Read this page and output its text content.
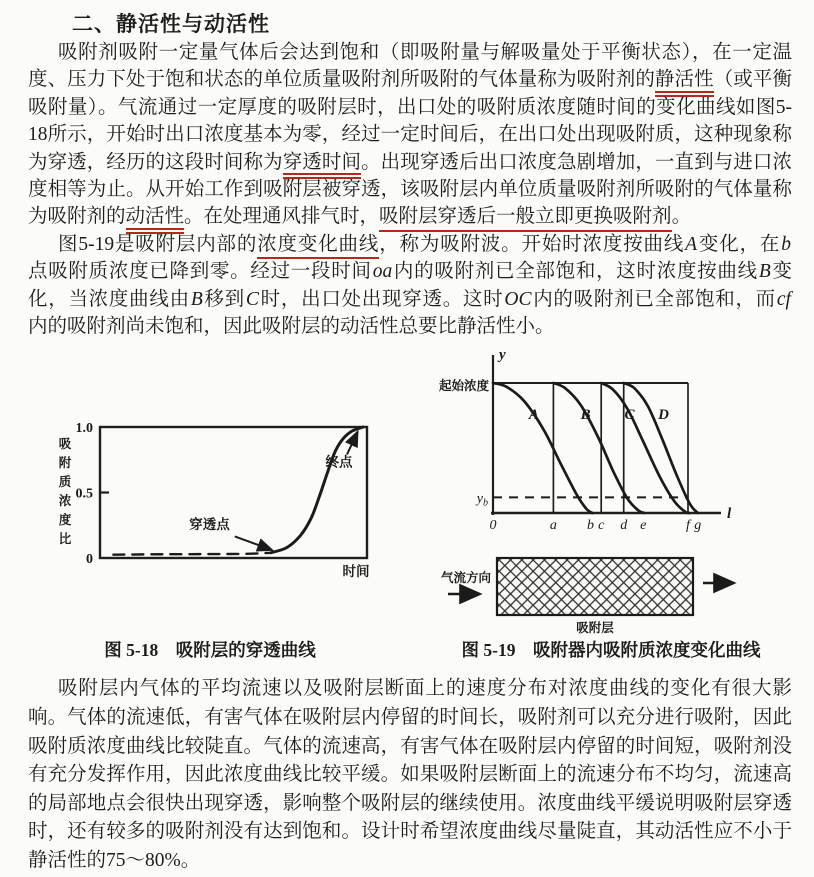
二、静活性与动活性
吸附剂吸附一定量气体后会达到饱和（即吸附量与解吸量处于平衡状态），在一定温
度、压力下处于饱和状态的单位质量吸附剂所吸附的气体量称为吸附剂的静活性（或平衡
吸附量）。气流通过一定厚度的吸附层时，出口处的吸附质浓度随时间的变化曲线如图5-
18所示，开始时出口浓度基本为零，经过一定时间后，在出口处出现吸附质，这种现象称
为穿透，经历的这段时间称为穿透时间。出现穿透后出口浓度急剧增加，一直到与进口浓
度相等为止。从开始工作到吸附层被穿透，该吸附层内单位质量吸附剂所吸附的气体量称
为吸附剂的动活性。在处理通风排气时，吸附层穿透后一般立即更换吸附剂。
图5-19是吸附层内部的浓度变化曲线，称为吸附波。开始时浓度按曲线A变化，在b
点吸附质浓度已降到零。经过一段时间oa内的吸附剂已全部饱和，这时浓度按曲线B变
化，当浓度曲线由B移到C时，出口处出现穿透。这时OC内的吸附剂已全部饱和，而cf
内的吸附剂尚未饱和，因此吸附层的动活性总要比静活性小。
1.0
0.5
0
吸附质浓度比
时间
穿透点
终点
y
l
起始浓度
$y_b$
0	a b c d e	f g
A	B C D
气流方向
吸附层
图 5-18　吸附层的穿透曲线	图 5-19　吸附器内吸附质浓度变化曲线
吸附层内气体的平均流速以及吸附层断面上的速度分布对浓度曲线的变化有很大影
响。气体的流速低，有害气体在吸附层内停留的时间长，吸附剂可以充分进行吸附，因此
吸附质浓度曲线比较陡直。气体的流速高，有害气体在吸附层内停留的时间短，吸附剂没
有充分发挥作用，因此浓度曲线比较平缓。如果吸附层断面上的流速分布不均匀，流速高
的局部地点会很快出现穿透，影响整个吸附层的继续使用。浓度曲线平缓说明吸附层穿透
时，还有较多的吸附剂没有达到饱和。设计时希望浓度曲线尽量陡直，其动活性应不小于
静活性的75～80%。
